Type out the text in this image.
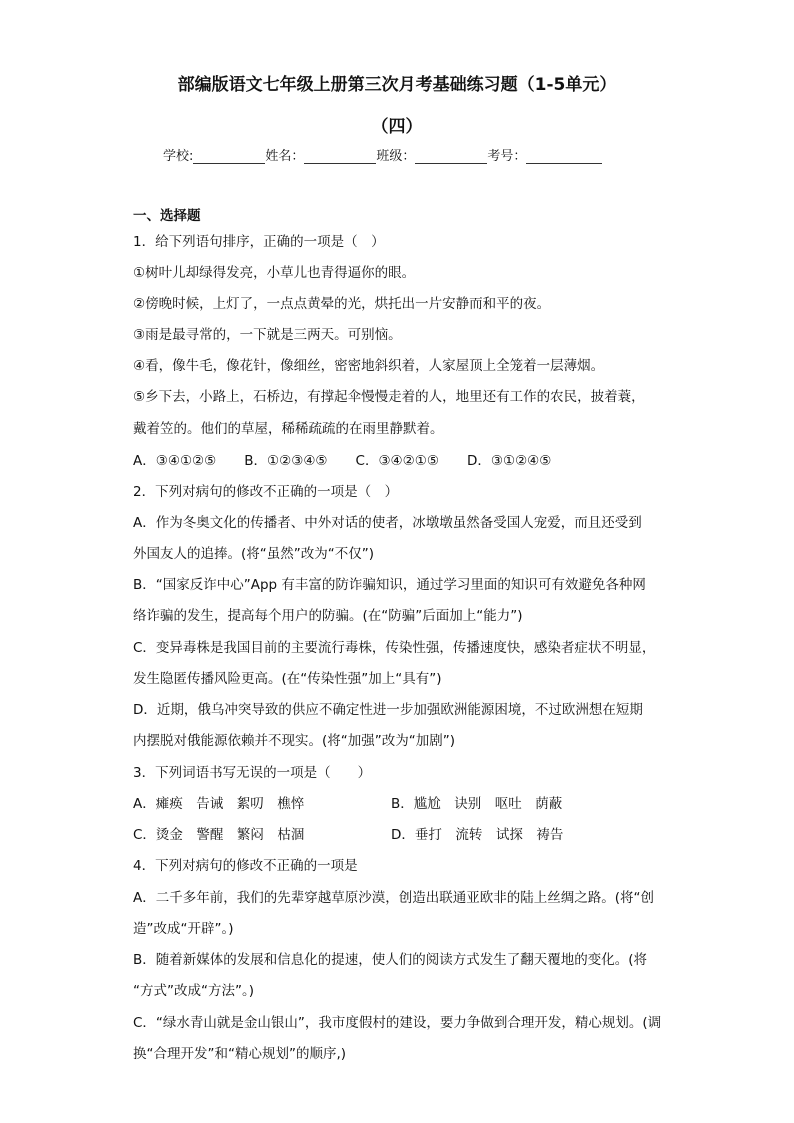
部编版语文七年级上册第三次月考基础练习题（1-5单元）
（四）
学校:	姓名：	班级：	考号：
一、选择题
1．给下列语句排序，正确的一项是（　）
①树叶儿却绿得发亮，小草儿也青得逼你的眼。
②傍晚时候，上灯了，一点点黄晕的光，烘托出一片安静而和平的夜。
③雨是最寻常的，一下就是三两天。可别恼。
④看，像牛毛，像花针，像细丝，密密地斜织着，人家屋顶上全笼着一层薄烟。
⑤乡下去，小路上，石桥边，有撑起伞慢慢走着的人，地里还有工作的农民，披着蓑，
戴着笠的。他们的草屋，稀稀疏疏的在雨里静默着。
A．③④①②⑤ B．①②③④⑤ C．③④②①⑤ D．③①②④⑤
2．下列对病句的修改不正确的一项是（　）
A．作为冬奥文化的传播者、中外对话的使者，冰墩墩虽然备受国人宠爱，而且还受到
外国友人的追捧。(将“虽然”改为“不仅”)
B．“国家反诈中心”App 有丰富的防诈骗知识，通过学习里面的知识可有效避免各种网
络诈骗的发生，提高每个用户的防骗。(在“防骗”后面加上“能力”)
C．变异毒株是我国目前的主要流行毒株，传染性强，传播速度快，感染者症状不明显，
发生隐匿传播风险更高。(在“传染性强”加上“具有”)
D．近期，俄乌冲突导致的供应不确定性进一步加强欧洲能源困境，不过欧洲想在短期
内摆脱对俄能源依赖并不现实。(将“加强”改为“加剧”)
3．下列词语书写无误的一项是（　　）
A．瘫痪　告诫　絮叨　樵悴	B．尴尬　诀别　呕吐　荫蔽
C．烫金　警醒　繁闷　枯涸	D．垂打　流转　试探　祷告
4．下列对病句的修改不正确的一项是
A．二千多年前，我们的先辈穿越草原沙漠，创造出联通亚欧非的陆上丝绸之路。(将“创
造”改成“开辟”。)
B．随着新媒体的发展和信息化的提速，使人们的阅读方式发生了翻天覆地的变化。(将
“方式”改成“方法”。)
C．“绿水青山就是金山银山”，我市度假村的建设，要力争做到合理开发，精心规划。(调
换“合理开发”和“精心规划”的顺序,)
